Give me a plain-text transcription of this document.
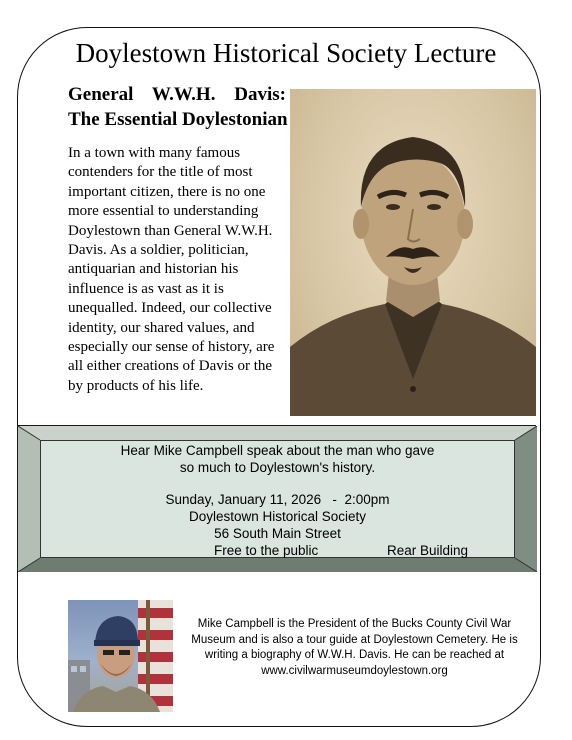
Doylestown Historical Society Lecture
General W.W.H. Davis:
The Essential Doylestonian
In a town with many famous contenders for the title of most important citizen, there is no one more essential to understanding Doylestown than General W.W.H. Davis. As a soldier, politician, antiquarian and historian his influence is as vast as it is unequalled. Indeed, our collective identity, our shared values, and especially our sense of history, are all either creations of Davis or the by products of his life.
Hear Mike Campbell speak about the man who gave
so much to Doylestown's history.
Sunday, January 11, 2026 - 2:00pm
Doylestown Historical Society
56 South Main Street
Free to the public	Rear Building
Mike Campbell is the President of the Bucks County Civil War Museum and is also a tour guide at Doylestown Cemetery. He is writing a biography of W.W.H. Davis. He can be reached at www.civilwarmuseumdoylestown.org
